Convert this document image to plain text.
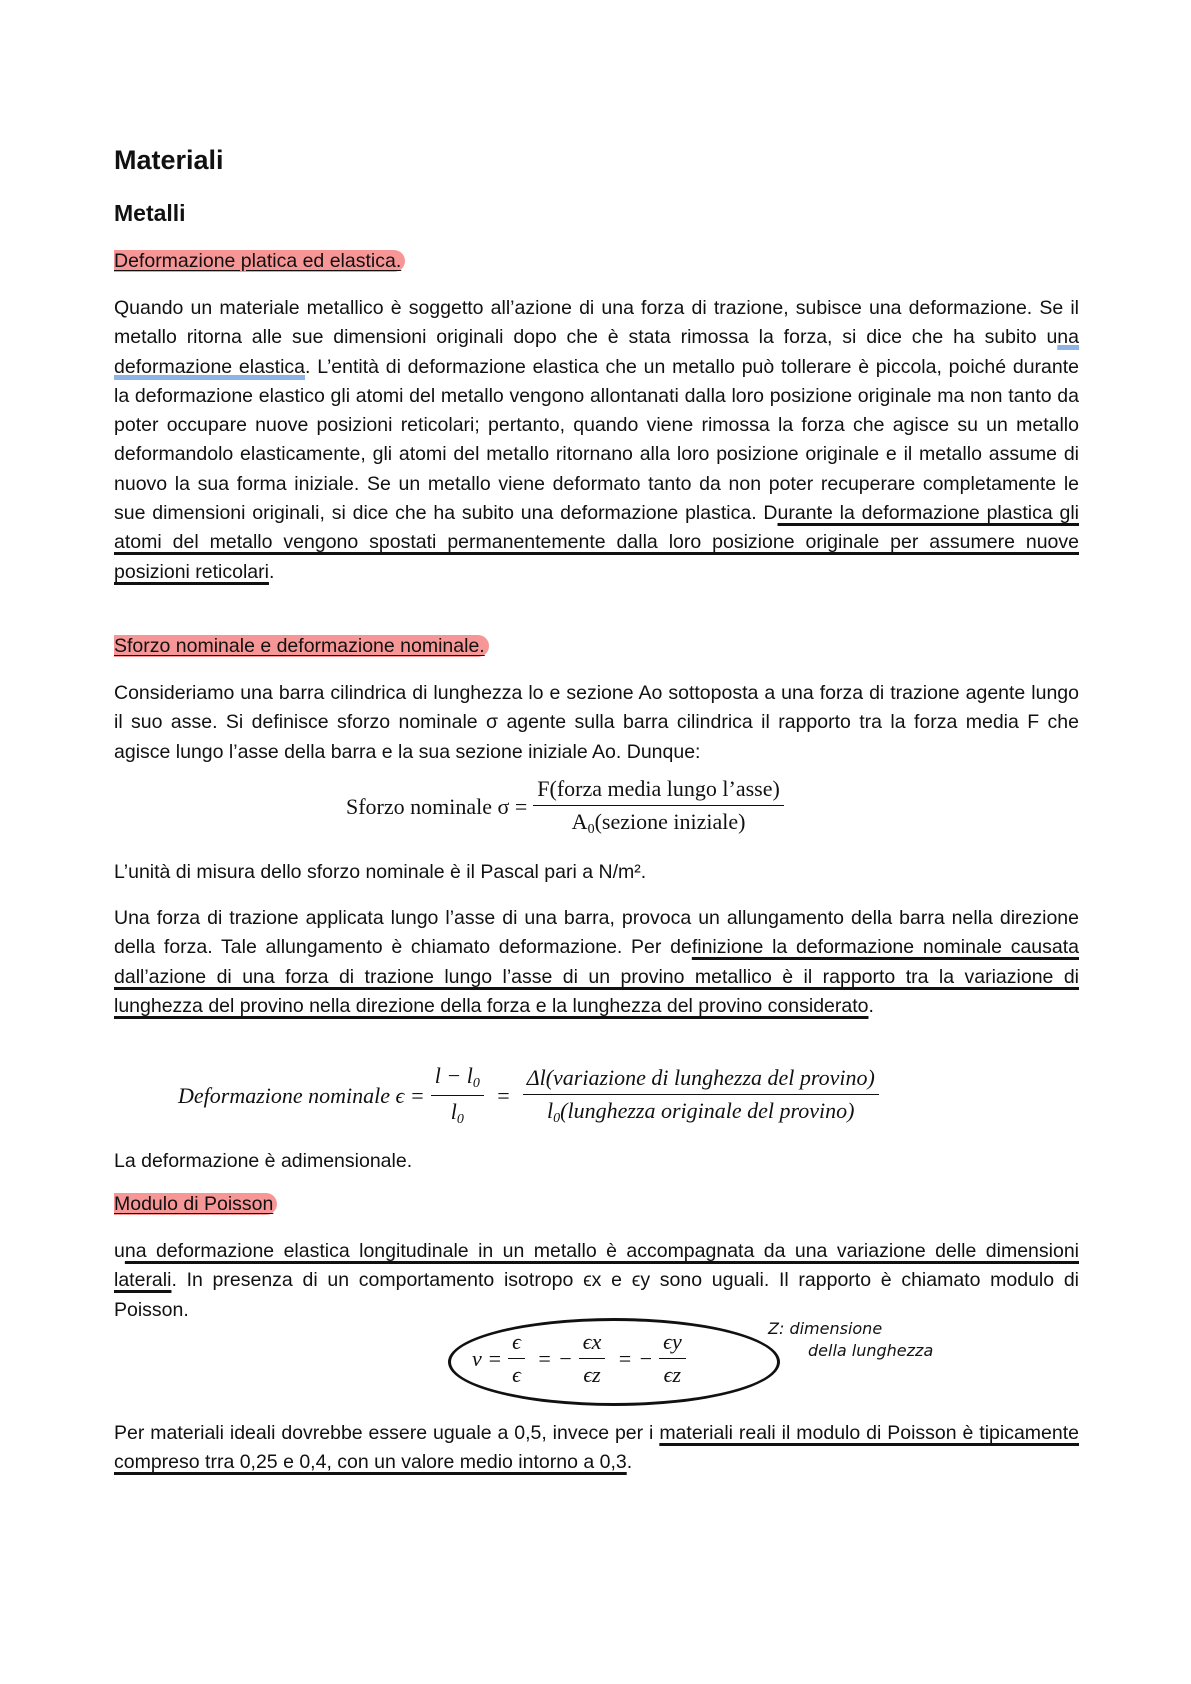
Materiali
Metalli
Deformazione platica ed elastica.

Quando un materiale metallico è soggetto all’azione di una forza di trazione, subisce una deformazione. Se il metallo ritorna alle sue dimensioni originali dopo che è stata rimossa la forza, si dice che ha subito una deformazione elastica. L’entità di deformazione elastica che un metallo può tollerare è piccola, poiché durante la deformazione elastico gli atomi del metallo vengono allontanati dalla loro posizione originale ma non tanto da poter occupare nuove posizioni reticolari; pertanto, quando viene rimossa la forza che agisce su un metallo deformandolo elasticamente, gli atomi del metallo ritornano alla loro posizione originale e il metallo assume di nuovo la sua forma iniziale. Se un metallo viene deformato tanto da non poter recuperare completamente le sue dimensioni originali, si dice che ha subito una deformazione plastica. Durante la deformazione plastica gli atomi del metallo vengono spostati permanentemente dalla loro posizione originale per assumere nuove posizioni reticolari.

Sforzo nominale e deformazione nominale.

Consideriamo una barra cilindrica di lunghezza lo e sezione Ao sottoposta a una forza di trazione agente lungo il suo asse. Si definisce sforzo nominale σ agente sulla barra cilindrica il rapporto tra la forza media F che agisce lungo l’asse della barra e la sua sezione iniziale Ao. Dunque:

Sforzo nominale $\sigma = \frac{\text{F(forza media lungo l’asse)}}{A_0(sezione iniziale)}$

L’unità di misura dello sforzo nominale è il Pascal pari a N/m².

Una forza di trazione applicata lungo l’asse di una barra, provoca un allungamento della barra nella direzione della forza. Tale allungamento è chiamato deformazione. Per definizione la deformazione nominale causata dall’azione di una forza di trazione lungo l’asse di un provino metallico è il rapporto tra la variazione di lunghezza del provino nella direzione della forza e la lunghezza del provino considerato.

Deformazione nominale $\epsilon = \frac{l - l_0}{l_0} = \frac{\text{Δl(variazione di lunghezza del provino)}}{l_0(lunghezza originale del provino)}$

La deformazione è adimensionale.

Modulo di Poisson

una deformazione elastica longitudinale in un metallo è accompagnata da una variazione delle dimensioni laterali. In presenza di un comportamento isotropo ϵx e ϵy sono uguali. Il rapporto è chiamato modulo di Poisson.

Per materiali ideali dovrebbe essere uguale a 0,5, invece per i materiali reali il modulo di Poisson è tipicamente compreso trra 0,25 e 0,4, con un valore medio intorno a 0,3.

$\nu = \frac{\epsilon}{\epsilon}$ = − $\frac{\epsilon x}{\epsilon z}$ = − $\frac{\epsilon y}{\epsilon z}$
Z: dimensione
della lunghezza
